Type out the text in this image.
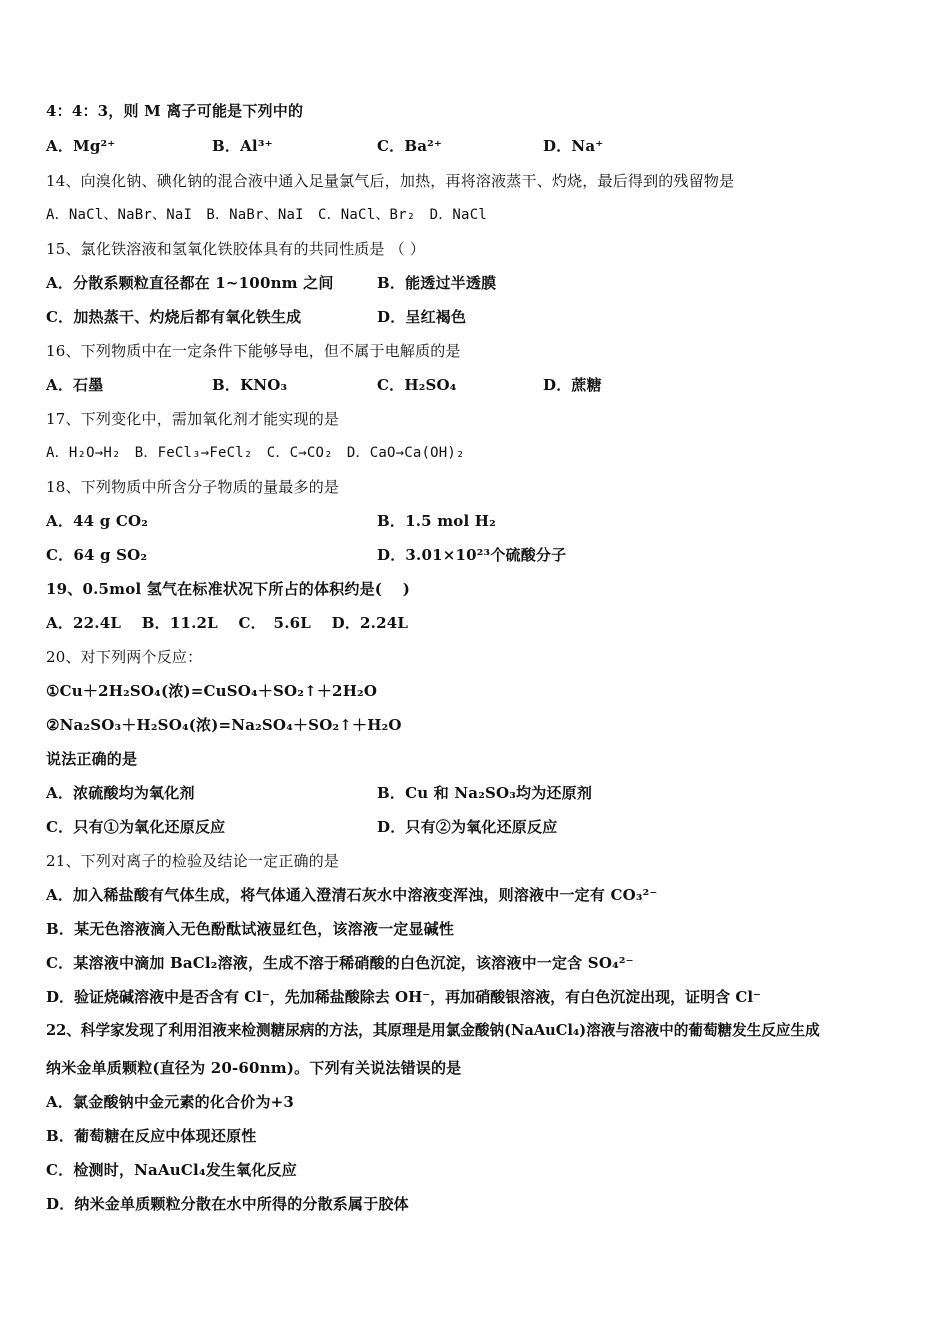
4：4：3，则 M 离子可能是下列中的
A．Mg²⁺	B．Al³⁺	C．Ba²⁺	D．Na⁺
14、向溴化钠、碘化钠的混合液中通入足量氯气后，加热，再将溶液蒸干、灼烧，最后得到的残留物是
A．NaCl、NaBr、NaI　B．NaBr、NaI　C．NaCl、Br₂　D．NaCl
15、氯化铁溶液和氢氧化铁胶体具有的共同性质是 （ ）
A．分散系颗粒直径都在 1~100nm 之间	B．能透过半透膜
C．加热蒸干、灼烧后都有氧化铁生成	D．呈红褐色
16、下列物质中在一定条件下能够导电，但不属于电解质的是
A．石墨	B．KNO₃	C．H₂SO₄	D．蔗糖
17、下列变化中，需加氧化剂才能实现的是
A．H₂O→H₂　B．FeCl₃→FeCl₂　C．C→CO₂　D．CaO→Ca(OH)₂
18、下列物质中所含分子物质的量最多的是
A．44 g CO₂	B．1.5 mol H₂
C．64 g SO₂	D．3.01×10²³个硫酸分子
19、0.5mol 氢气在标准状况下所占的体积约是(　 )
A．22.4L　 B．11.2L　 C．　5.6L　 D．2.24L
20、对下列两个反应：
①Cu＋2H₂SO₄(浓)=CuSO₄＋SO₂↑＋2H₂O
②Na₂SO₃＋H₂SO₄(浓)=Na₂SO₄＋SO₂↑＋H₂O
说法正确的是
A．浓硫酸均为氧化剂	B．Cu 和 Na₂SO₃均为还原剂
C．只有①为氧化还原反应	D．只有②为氧化还原反应
21、下列对离子的检验及结论一定正确的是
A．加入稀盐酸有气体生成，将气体通入澄清石灰水中溶液变浑浊，则溶液中一定有 CO₃²⁻
B．某无色溶液滴入无色酚酞试液显红色，该溶液一定显碱性
C．某溶液中滴加 BaCl₂溶液，生成不溶于稀硝酸的白色沉淀，该溶液中一定含 SO₄²⁻
D．验证烧碱溶液中是否含有 Cl⁻，先加稀盐酸除去 OH⁻，再加硝酸银溶液，有白色沉淀出现，证明含 Cl⁻
22、科学家发现了利用泪液来检测糖尿病的方法，其原理是用氯金酸钠(NaAuCl₄)溶液与溶液中的葡萄糖发生反应生成
纳米金单质颗粒(直径为 20-60nm)。下列有关说法错误的是
A．氯金酸钠中金元素的化合价为+3
B．葡萄糖在反应中体现还原性
C．检测时，NaAuCl₄发生氧化反应
D．纳米金单质颗粒分散在水中所得的分散系属于胶体
